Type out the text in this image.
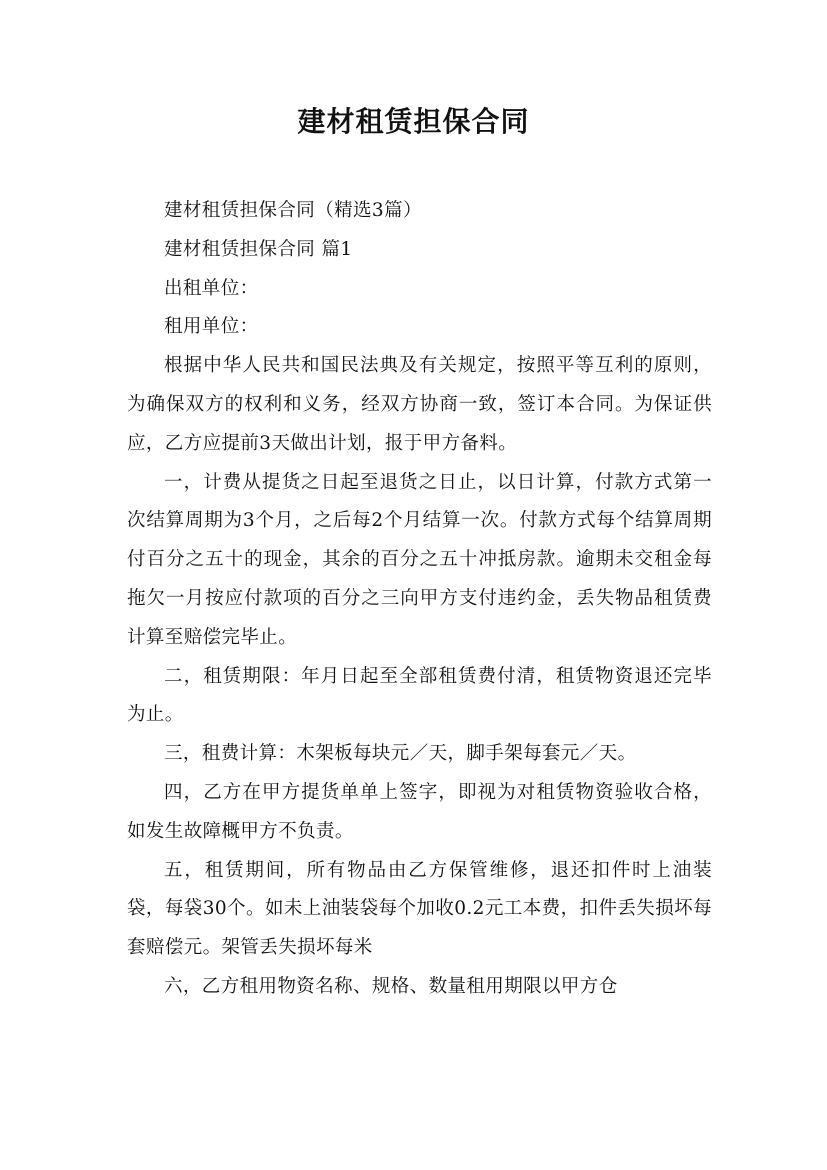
建材租赁担保合同

建材租赁担保合同（精选3篇）

建材租赁担保合同 篇1

出租单位：

租用单位：

根据中华人民共和国民法典及有关规定，按照平等互利的原则，为确保双方的权利和义务，经双方协商一致，签订本合同。为保证供应，乙方应提前3天做出计划，报于甲方备料。

一，计费从提货之日起至退货之日止，以日计算，付款方式第一次结算周期为3个月，之后每2个月结算一次。付款方式每个结算周期付百分之五十的现金，其余的百分之五十冲抵房款。逾期未交租金每拖欠一月按应付款项的百分之三向甲方支付违约金，丢失物品租赁费计算至赔偿完毕止。

二，租赁期限：年月日起至全部租赁费付清，租赁物资退还完毕为止。

三，租费计算：木架板每块元／天，脚手架每套元／天。

四，乙方在甲方提货单单上签字，即视为对租赁物资验收合格，如发生故障概甲方不负责。

五，租赁期间，所有物品由乙方保管维修，退还扣件时上油装袋，每袋30个。如未上油装袋每个加收0.2元工本费，扣件丢失损坏每套赔偿元。架管丢失损坏每米

六，乙方租用物资名称、规格、数量租用期限以甲方仓
